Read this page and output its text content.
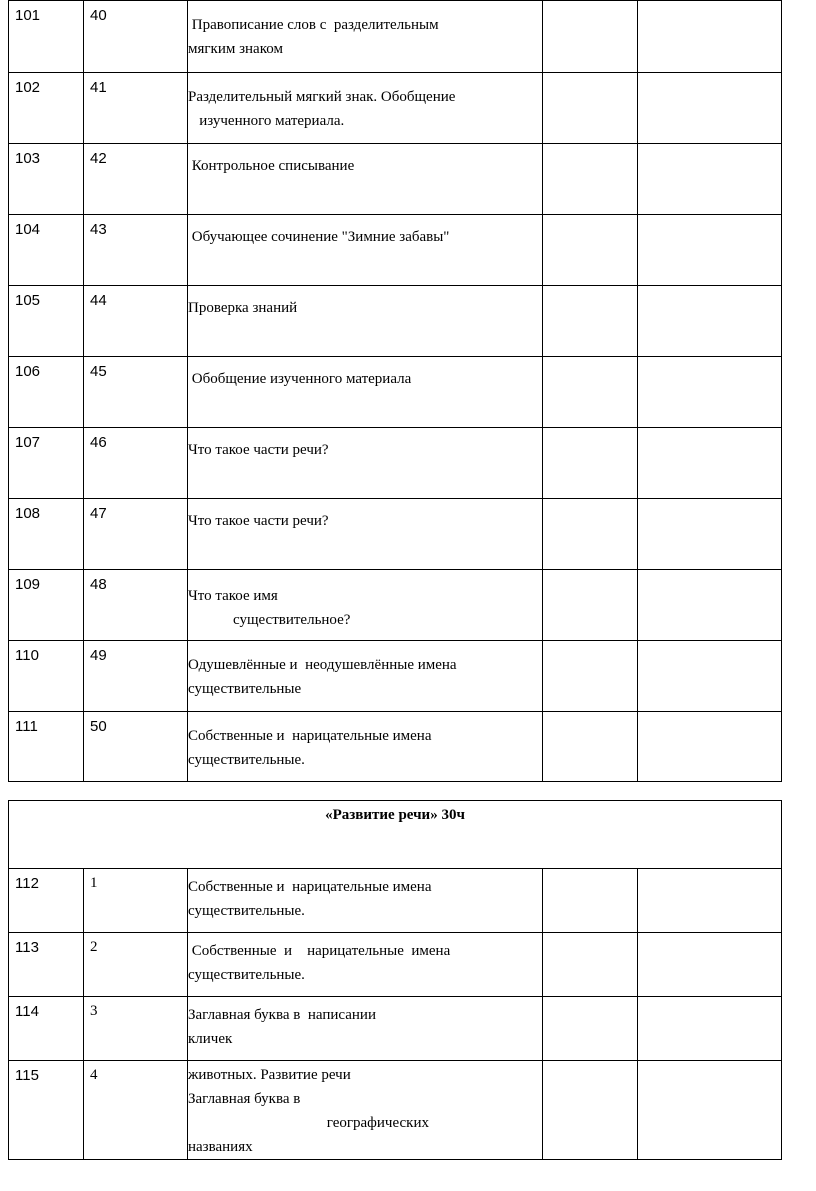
101	40	Правописание слов с  разделительным
мягким знаком		

102	41	Разделительный мягкий знак. Обобщение
изученного материала.		

103	42	Контрольное списывание		

104	43	Обучающее сочинение "Зимние забавы"		

105	44	Проверка знаний		

106	45	Обобщение изученного материала		

107	46	Что такое части речи?		

108	47	Что такое части речи?		

109	48	Что такое имя
существительное?		

110	49	Одушевлённые и  неодушевлённые имена
существительные		

111	50	Собственные и  нарицательные имена
существительные.		

«Развитие речи» 30ч				
112	1	Собственные и  нарицательные имена
существительные.		

113	2	Собственные  и    нарицательные  имена
существительные.		

114	3	Заглавная буква в  написании
кличек		

115	4	животных. Развитие речи
Заглавная буква в
географических
названиях		
